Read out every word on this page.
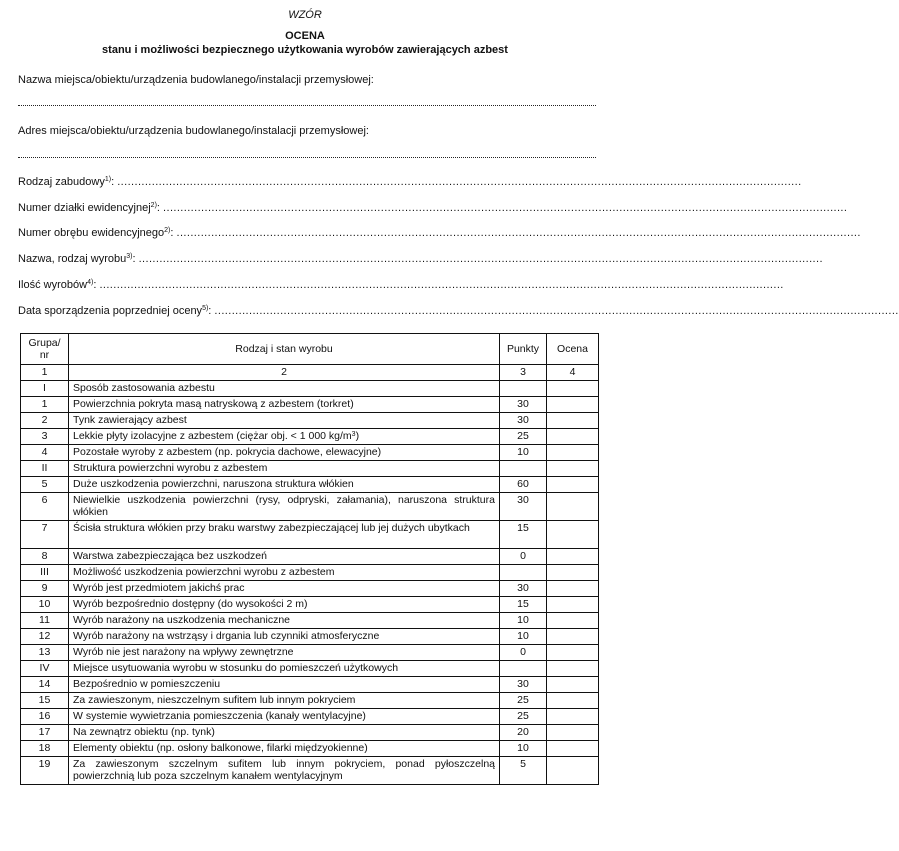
WZÓR
OCENA
stanu i możliwości bezpiecznego użytkowania wyrobów zawierających azbest
Nazwa miejsca/obiektu/urządzenia budowlanego/instalacji przemysłowej:
Adres miejsca/obiektu/urządzenia budowlanego/instalacji przemysłowej:
Rodzaj zabudowy$^{1)}$: ......................................................................................................................................................................................................
Numer działki ewidencyjnej$^{2)}$: ......................................................................................................................................................................................................
Numer obrębu ewidencyjnego$^{2)}$: ......................................................................................................................................................................................................
Nazwa, rodzaj wyrobu$^{3)}$: ......................................................................................................................................................................................................
Ilość wyrobów$^{4)}$: ......................................................................................................................................................................................................
Data sporządzenia poprzedniej oceny$^{5)}$: ......................................................................................................................................................................................................
Grupa/ nr	Rodzaj i stan wyrobu	Punkty	Ocena
1	2	3	4
I	Sposób zastosowania azbestu		
1	Powierzchnia pokryta masą natryskową z azbestem (torkret)	30	
2	Tynk zawierający azbest	30	
3	Lekkie płyty izolacyjne z azbestem (ciężar obj. < 1 000 $kg/m^3$)	25	
4	Pozostałe wyroby z azbestem (np. pokrycia dachowe, elewacyjne)	10	
II	Struktura powierzchni wyrobu z azbestem		
5	Duże uszkodzenia powierzchni, naruszona struktura włókien	60	
6	Niewielkie uszkodzenia powierzchni (rysy, odpryski, załamania), naruszona struktura włókien	30	
7	Ścisła struktura włókien przy braku warstwy zabezpieczającej lub jej dużych ubytkach	15	
8	Warstwa zabezpieczająca bez uszkodzeń	0	
III	Możliwość uszkodzenia powierzchni wyrobu z azbestem		
9	Wyrób jest przedmiotem jakichś prac	30	
10	Wyrób bezpośrednio dostępny (do wysokości 2 m)	15	
11	Wyrób narażony na uszkodzenia mechaniczne	10	
12	Wyrób narażony na wstrząsy i drgania lub czynniki atmosferyczne	10	
13	Wyrób nie jest narażony na wpływy zewnętrzne	0	
IV	Miejsce usytuowania wyrobu w stosunku do pomieszczeń użytkowych		
14	Bezpośrednio w pomieszczeniu	30	
15	Za zawieszonym, nieszczelnym sufitem lub innym pokryciem	25	
16	W systemie wywietrzania pomieszczenia (kanały wentylacyjne)	25	
17	Na zewnątrz obiektu (np. tynk)	20	
18	Elementy obiektu (np. osłony balkonowe, filarki międzyokienne)	10	
19	Za zawieszonym szczelnym sufitem lub innym pokryciem, ponad pyłoszczelną powierzchnią lub poza szczelnym kanałem wentylacyjnym	5	
